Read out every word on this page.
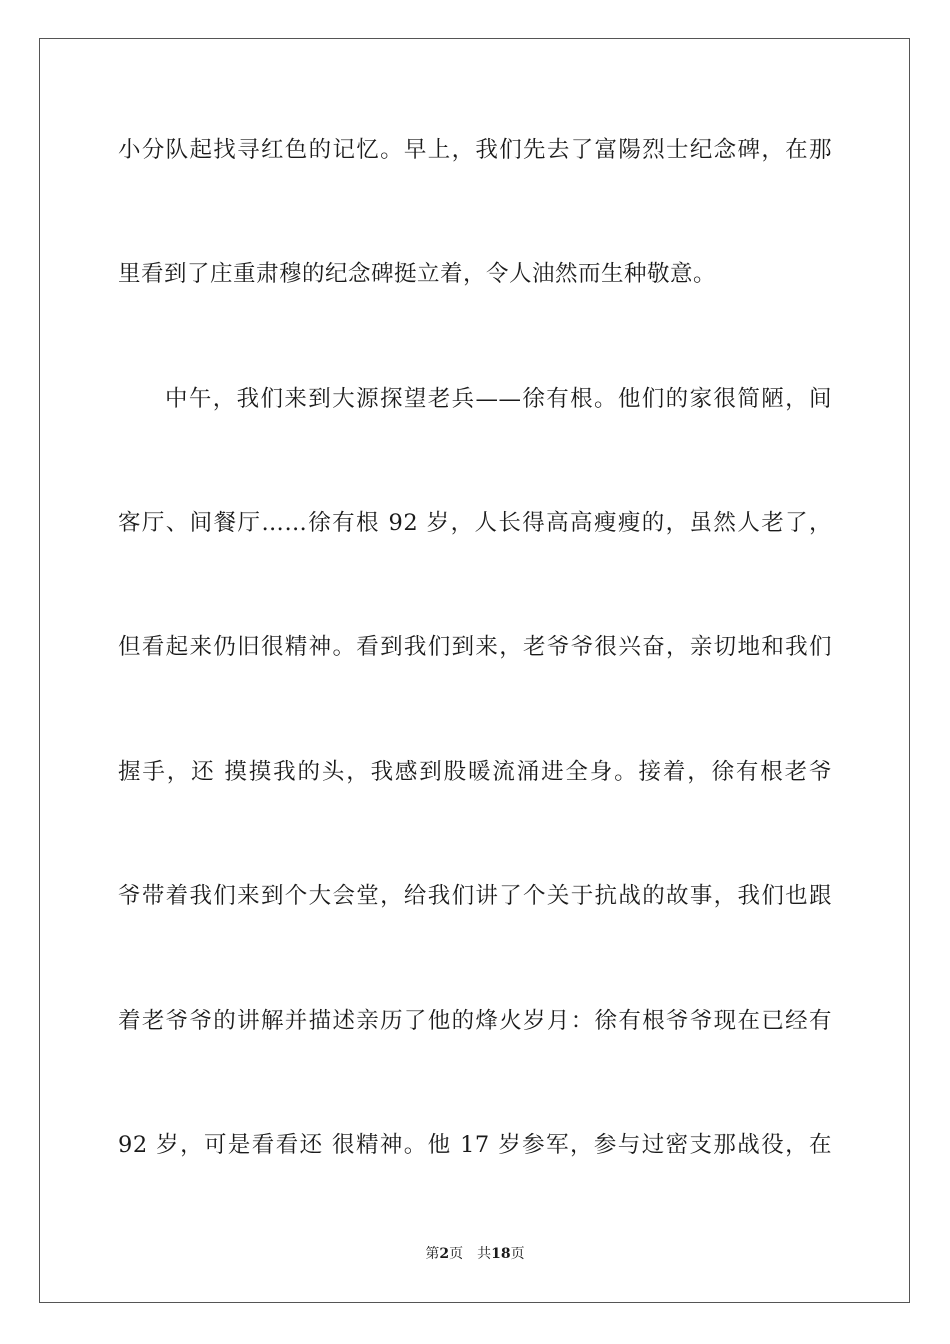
小分队起找寻红色的记忆。早上，我们先去了富陽烈士纪念碑，在那
里看到了庄重肃穆的纪念碑挺立着，令人油然而生种敬意。
中午，我们来到大源探望老兵——徐有根。他们的家很简陋，间
客厅、间餐厅……徐有根 92 岁，人长得高高瘦瘦的，虽然人老了，
但看起来仍旧很精神。看到我们到来，老爷爷很兴奋，亲切地和我们
握手，还 摸摸我的头，我感到股暖流涌进全身。接着，徐有根老爷
爷带着我们来到个大会堂，给我们讲了个关于抗战的故事，我们也跟
着老爷爷的讲解并描述亲历了他的烽火岁月：徐有根爷爷现在已经有
92 岁，可是看看还 很精神。他 17 岁参军，参与过密支那战役，在
第2页 共18页
